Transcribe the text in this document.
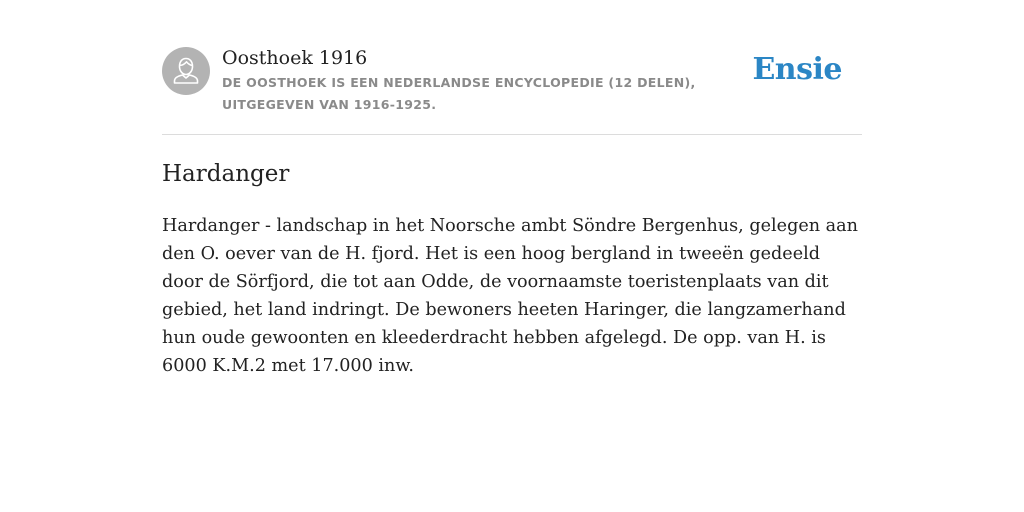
Oosthoek 1916
DE OOSTHOEK IS EEN NEDERLANDSE ENCYCLOPEDIE (12 DELEN), UITGEGEVEN VAN 1916-1925.
Ensie
Hardanger

Hardanger - landschap in het Noorsche ambt Söndre Bergenhus, gelegen aan den O. oever van de H. fjord. Het is een hoog bergland in tweeën gedeeld door de Sörfjord, die tot aan Odde, de voornaamste toeristenplaats van dit gebied, het land indringt. De bewoners heeten Haringer, die langzamerhand hun oude gewoonten en kleederdracht hebben afgelegd. De opp. van H. is 6000 K.M.2 met 17.000 inw.
